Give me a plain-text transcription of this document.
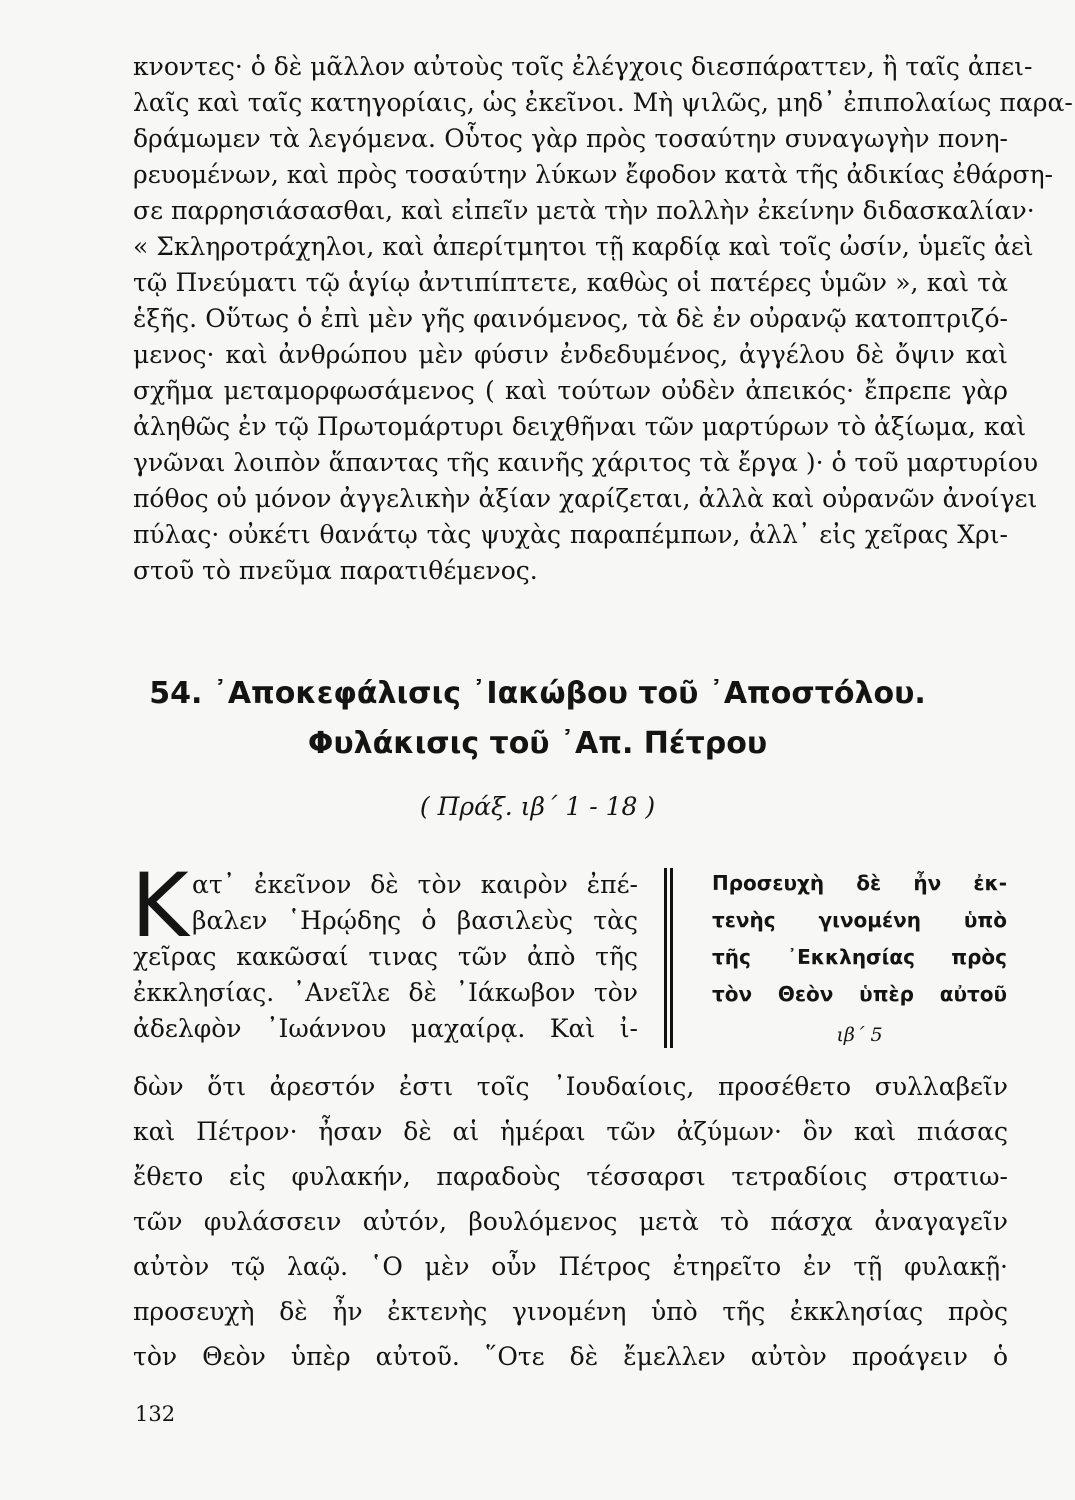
κνοντες· ὁ δὲ μᾶλλον αὐτοὺς τοῖς ἐλέγχοις διεσπάραττεν, ἢ ταῖς ἀπει-
λαῖς καὶ ταῖς κατηγορίαις, ὡς ἐκεῖνοι. Μὴ ψιλῶς, μηδ᾿ ἐπιπολαίως παρα-
δράμωμεν τὰ λεγόμενα. Οὗτος γὰρ πρὸς τοσαύτην συναγωγὴν πονη-
ρευομένων, καὶ πρὸς τοσαύτην λύκων ἔφοδον κατὰ τῆς ἀδικίας ἐθάρση-
σε παρρησιάσασθαι, καὶ εἰπεῖν μετὰ τὴν πολλὴν ἐκείνην διδασκαλίαν·
« Σκληροτράχηλοι, καὶ ἀπερίτμητοι τῇ καρδίᾳ καὶ τοῖς ὠσίν, ὑμεῖς ἀεὶ
τῷ Πνεύματι τῷ ἁγίῳ ἀντιπίπτετε, καθὼς οἱ πατέρες ὑμῶν », καὶ τὰ
ἑξῆς. Οὕτως ὁ ἐπὶ μὲν γῆς φαινόμενος, τὰ δὲ ἐν οὐρανῷ κατοπτριζό-
μενος· καὶ ἀνθρώπου μὲν φύσιν ἐνδεδυμένος, ἀγγέλου δὲ ὄψιν καὶ
σχῆμα μεταμορφωσάμενος ( καὶ τούτων οὐδὲν ἀπεικός· ἔπρεπε γὰρ
ἀληθῶς ἐν τῷ Πρωτομάρτυρι δειχθῆναι τῶν μαρτύρων τὸ ἀξίωμα, καὶ
γνῶναι λοιπὸν ἅπαντας τῆς καινῆς χάριτος τὰ ἔργα )· ὁ τοῦ μαρτυρίου
πόθος οὐ μόνον ἀγγελικὴν ἀξίαν χαρίζεται, ἀλλὰ καὶ οὐρανῶν ἀνοίγει
πύλας· οὐκέτι θανάτῳ τὰς ψυχὰς παραπέμπων, ἀλλ᾿ εἰς χεῖρας Χρι-
στοῦ τὸ πνεῦμα παρατιθέμενος.
54. ᾿Αποκεφάλισις ᾿Ιακώβου τοῦ ᾿Αποστόλου.
Φυλάκισις τοῦ ᾿Απ. Πέτρου
( Πράξ. ιβ΄ 1 - 18 )
Κ ατ᾿ ἐκεῖνον δὲ τὸν καιρὸν ἐπέ-
βαλεν ῾Ηρῴδης ὁ βασιλεὺς τὰς
χεῖρας κακῶσαί τινας τῶν ἀπὸ τῆς
ἐκκλησίας. ᾿Ανεῖλε δὲ ᾿Ιάκωβον τὸν
ἀδελφὸν ᾿Ιωάννου μαχαίρᾳ. Καὶ ἰ-
Προσευχὴ δὲ ἦν ἐκ-
τενὴς γινομένη ὑπὸ
τῆς ᾿Εκκλησίας πρὸς
τὸν Θεὸν ὑπὲρ αὐτοῦ
ιβ΄ 5
δὼν ὅτι ἀρεστόν ἐστι τοῖς ᾿Ιουδαίοις, προσέθετο συλλαβεῖν
καὶ Πέτρον· ἦσαν δὲ αἱ ἡμέραι τῶν ἀζύμων· ὃν καὶ πιάσας
ἔθετο εἰς φυλακήν, παραδοὺς τέσσαρσι τετραδίοις στρατιω-
τῶν φυλάσσειν αὐτόν, βουλόμενος μετὰ τὸ πάσχα ἀναγαγεῖν
αὐτὸν τῷ λαῷ. ῾Ο μὲν οὖν Πέτρος ἐτηρεῖτο ἐν τῇ φυλακῇ·
προσευχὴ δὲ ἦν ἐκτενὴς γινομένη ὑπὸ τῆς ἐκκλησίας πρὸς
τὸν Θεὸν ὑπὲρ αὐτοῦ. ῞Οτε δὲ ἔμελλεν αὐτὸν προάγειν ὁ
132
